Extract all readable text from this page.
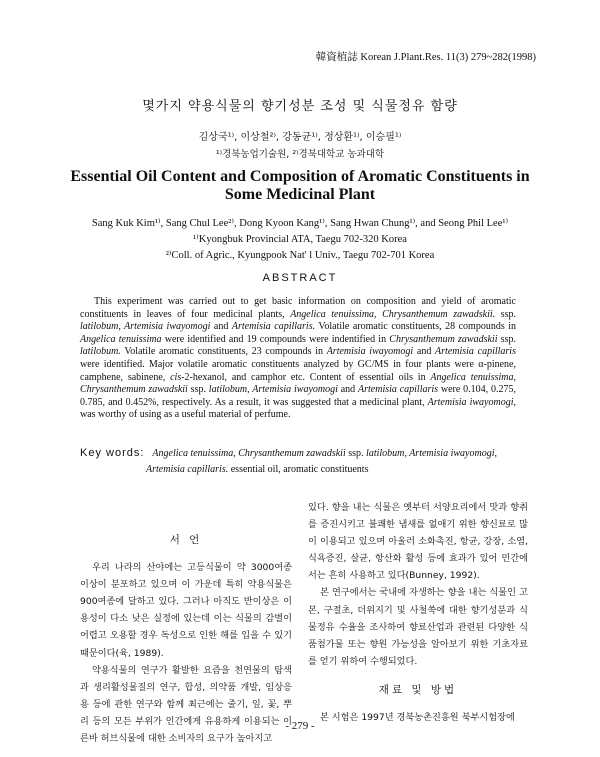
韓資植誌 Korean J.Plant.Res. 11(3) 279~282(1998)
몇가지 약용식물의 향기성분 조성 및 식물정유 함량
김상국¹⁾, 이상철²⁾, 강동균¹⁾, 정상환¹⁾, 이승필¹⁾
¹⁾경북농업기술원, ²⁾경북대학교 농과대학
Essential Oil Content and Composition of Aromatic Constituents in
Some Medicinal Plant
Sang Kuk Kim¹⁾, Sang Chul Lee²⁾, Dong Kyoon Kang¹⁾, Sang Hwan Chung¹⁾, and Seong Phil Lee¹⁾
¹⁾Kyongbuk Provincial ATA, Taegu 702-320 Korea
²⁾Coll. of Agric., Kyungpook Nat' l Univ., Taegu 702-701 Korea
ABSTRACT

This experiment was carried out to get basic information on composition and yield of aromatic constituents in leaves of four medicinal plants, Angelica tenuissima, Chrysanthemum zawadskii. ssp. latilobum, Artemisia iwayomogi and Artemisia capillaris. Volatile aromatic constituents, 28 compounds in Angelica tenuissima were identified and 19 compounds were indentified in Chrysanthemum zawadskii ssp. latilobum. Volatile aromatic constituents, 23 compounds in Artemisia iwayomogi and Artemisia capillaris were identified. Major volatile aromatic constituents analyzed by GC/MS in four plants were α-pinene, camphene, sabinene, cis-2-hexanol, and camphor etc. Content of essential oils in Angelica tenuissima, Chrysanthemum zawadskii ssp. latilobum, Artemisia iwayomogi and Artemisia capillaris were 0.104, 0.275, 0.785, and 0.452%, respectively. As a result, it was suggested that a medicinal plant, Artemisia iwayomogi, was worthy of using as a useful material of perfume.

Key words: Angelica tenuissima, Chrysanthemum zawadskii ssp. latilobum, Artemisia iwayomogi,
Artemisia capillaris. essential oil, aromatic constituents

서 언

우리 나라의 산야에는 고등식물이 약 3000여종 이상이 분포하고 있으며 이 가운데 특히 약용식물은 900여종에 달하고 있다. 그러나 아직도 반이상은 이용성이 다소 낮은 실정에 있는데 이는 식물의 감별이 어렵고 오용할 경우 독성으로 인한 해를 입을 수 있기 때문이다(육, 1989).

약용식물의 연구가 활발한 요즘을 천연물의 탐색과 생리활성물질의 연구, 합성, 의약품 개발, 임상응용 등에 관한 연구와 함께 최근에는 줄기, 잎, 꽃, 뿌리 등의 모든 부위가 인간에게 유용하게 이용되는 이른바 허브식물에 대한 소비자의 요구가 높아지고

있다. 향을 내는 식물은 옛부터 서양요리에서 맛과 향취를 증진시키고 불쾌한 냄새를 없애기 위한 향신료로 많이 이용되고 있으며 아울러 소화촉진, 항균, 강장, 소염, 식욕증진, 살균, 항산화 활성 등에 효과가 있어 민간에서는 흔히 사용하고 있다(Bunney, 1992).

본 연구에서는 국내에 자생하는 향을 내는 식물인 고본, 구절초, 더위지기 및 사철쑥에 대한 향기성분과 식물정유 수율을 조사하여 향료산업과 관련된 다양한 식품첨가물 또는 향원 가능성을 알아보기 위한 기초자료를 얻기 위하여 수행되었다.

재료 및 방법

본 시험은 1997년 경북농촌진흥원 북부시험장에

- 279 -
